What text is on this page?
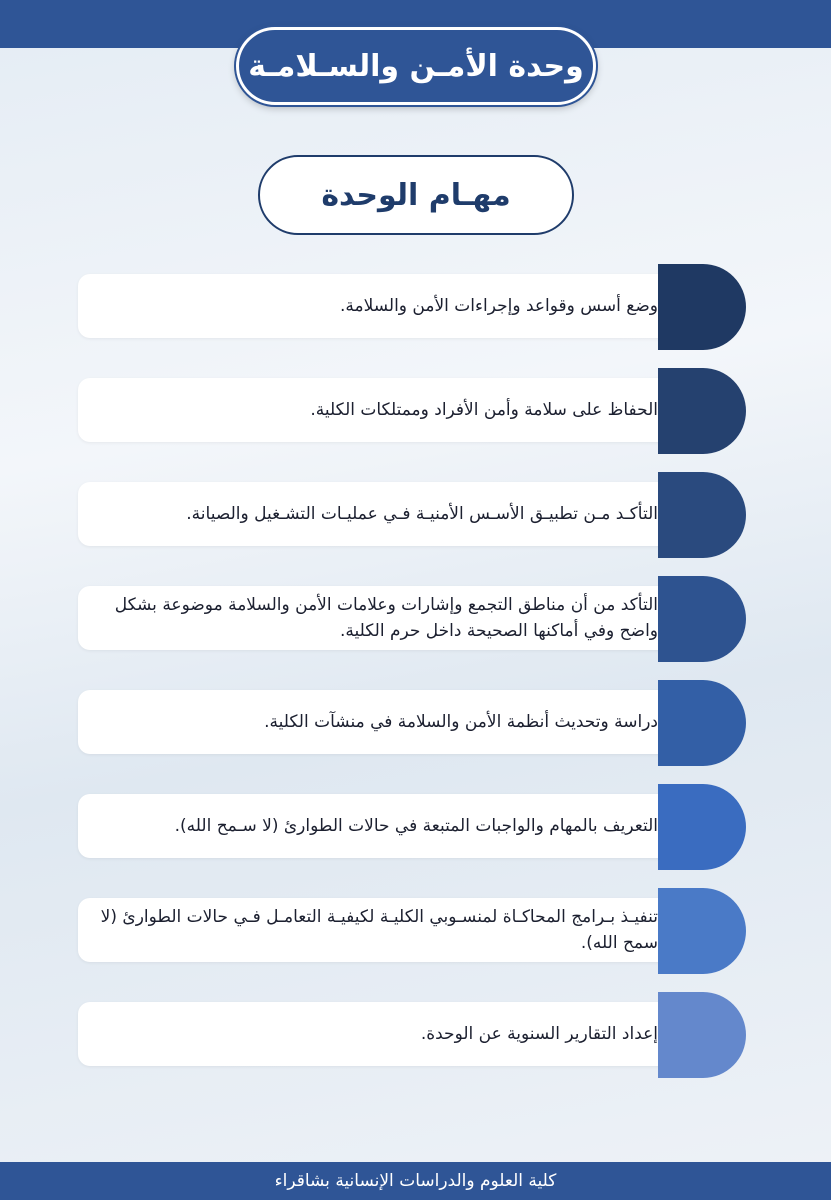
وحدة الأمـن والسـلامـة
مهـام الوحدة
وضع أسس وقواعد وإجراءات الأمن والسلامة.
الحفاظ على سلامة وأمن الأفراد وممتلكات الكلية.
التأكـد مـن تطبيـق الأسـس الأمنيـة فـي عمليـات التشـغيل والصيانة.
التأكد من أن مناطق التجمع وإشارات وعلامات الأمن والسلامة موضوعة بشكل واضح وفي أماكنها الصحيحة داخل حرم الكلية.
دراسة وتحديث أنظمة الأمن والسلامة في منشآت الكلية.
التعريف بالمهام والواجبات المتبعة في حالات الطوارئ (لا سـمح الله).
تنفيـذ بـرامج المحاكـاة لمنسـوبي الكليـة لكيفيـة التعامـل فـي حالات الطوارئ (لا سمح الله).
إعداد التقارير السنوية عن الوحدة.
كلية العلوم والدراسات الإنسانية بشاقراء
